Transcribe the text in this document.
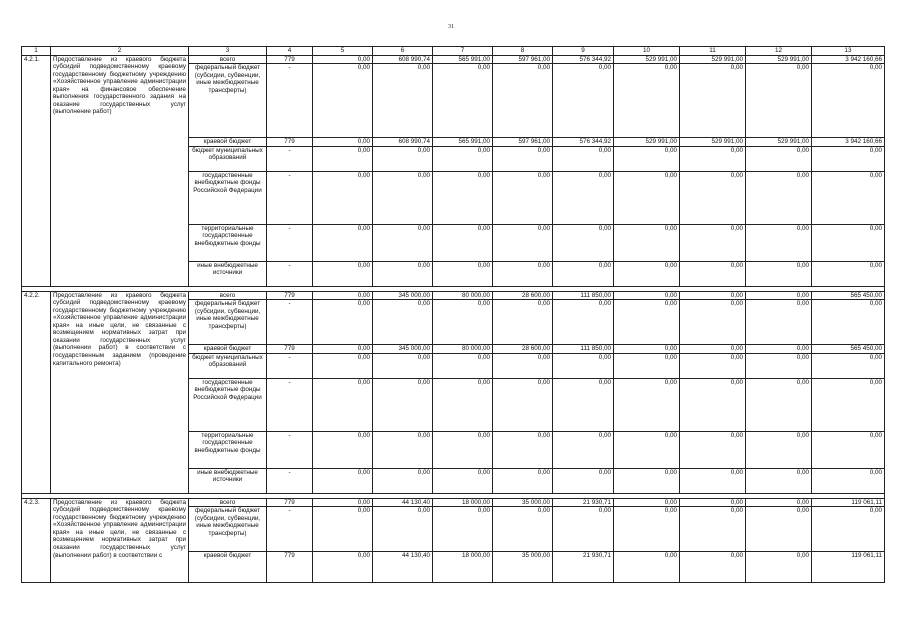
31
1	2	3	4	5	6	7	8	9	10	11	12	13
4.2.1.	Предоставление из краевого бюджета субсидий подведомственному краевому государственному бюджетному учреждению «Хозяйственное управление администрации края» на финансовое обеспечение выполнения государственного задания на оказание государственных услуг (выполнение работ)	всего	779	0,00	608 990,74	565 991,00	597 961,00	576 344,92	529 991,00	529 991,00	529 991,00	3 942 160,66
		федеральный бюджет (субсидии, субвенции, иные межбюджетные трансферты)	-	0,00	0,00	0,00	0,00	0,00	0,00	0,00	0,00	0,00
		краевой бюджет	779	0,00	608 990,74	565 991,00	597 961,00	576 344,92	529 991,00	529 991,00	529 991,00	3 942 160,66
		бюджет муниципальных образований	-	0,00	0,00	0,00	0,00	0,00	0,00	0,00	0,00	0,00
		государственные внебюджетные фонды Российской Федерации	-	0,00	0,00	0,00	0,00	0,00	0,00	0,00	0,00	0,00
		территориальные государственные внебюджетные фонды	-	0,00	0,00	0,00	0,00	0,00	0,00	0,00	0,00	0,00
		иные внебюджетные источники	-	0,00	0,00	0,00	0,00	0,00	0,00	0,00	0,00	0,00

4.2.2.	Предоставление из краевого бюджета субсидий подведомственному краевому государственному бюджетному учреждению «Хозяйственное управление администрации края» на иные цели, не связанные с возмещением нормативных затрат при оказании государственных услуг (выполнении работ) в соответствии с государственным заданием (проведение капитального ремонта)	всего	779	0,00	345 000,00	80 000,00	28 600,00	111 850,00	0,00	0,00	0,00	565 450,00
		федеральный бюджет (субсидии, субвенции, иные межбюджетные трансферты)	-	0,00	0,00	0,00	0,00	0,00	0,00	0,00	0,00	0,00
		краевой бюджет	779	0,00	345 000,00	80 000,00	28 600,00	111 850,00	0,00	0,00	0,00	565 450,00
		бюджет муниципальных образований	-	0,00	0,00	0,00	0,00	0,00	0,00	0,00	0,00	0,00
		государственные внебюджетные фонды Российской Федерации	-	0,00	0,00	0,00	0,00	0,00	0,00	0,00	0,00	0,00
		территориальные государственные внебюджетные фонды	-	0,00	0,00	0,00	0,00	0,00	0,00	0,00	0,00	0,00
		иные внебюджетные источники	-	0,00	0,00	0,00	0,00	0,00	0,00	0,00	0,00	0,00

4.2.3.	Предоставление из краевого бюджета субсидий подведомственному краевому государственному бюджетному учреждению «Хозяйственное управление администрации края» на иные цели, не связанные с возмещением нормативных затрат при оказании государственных услуг (выполнении работ) в соответствии с	всего	779	0,00	44 130,40	18 000,00	35 000,00	21 930,71	0,00	0,00	0,00	119 061,11
		федеральный бюджет (субсидии, субвенции, иные межбюджетные трансферты)	-	0,00	0,00	0,00	0,00	0,00	0,00	0,00	0,00	0,00
		краевой бюджет	779	0,00	44 130,40	18 000,00	35 000,00	21 930,71	0,00	0,00	0,00	119 061,11
